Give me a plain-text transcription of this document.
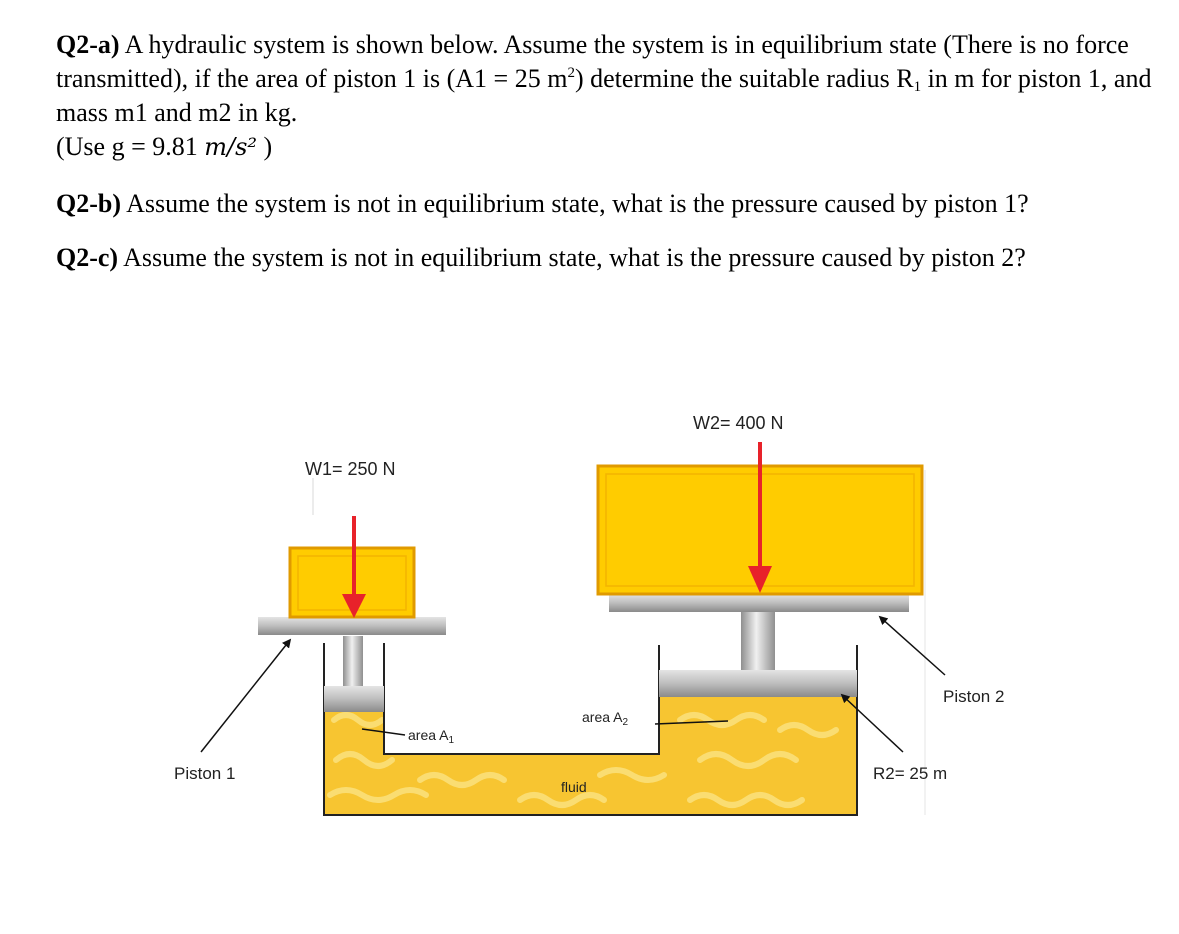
Q2-a) A hydraulic system is shown below. Assume the system is in equilibrium state (There is no force transmitted), if the area of piston 1 is (A1 = 25 $m^2$) determine the suitable radius $R_1$ in m for piston 1, and mass m1 and m2 in kg.
(Use g = 9.81 m/s² )
Q2-b) Assume the system is not in equilibrium state, what is the pressure caused by piston 1?
Q2-c) Assume the system is not in equilibrium state, what is the pressure caused by piston 2?
W1= 250 N
W2= 400 N
Piston 1
Piston 2
R2= 25 m
area $A_1$
area $A_2$
fluid
